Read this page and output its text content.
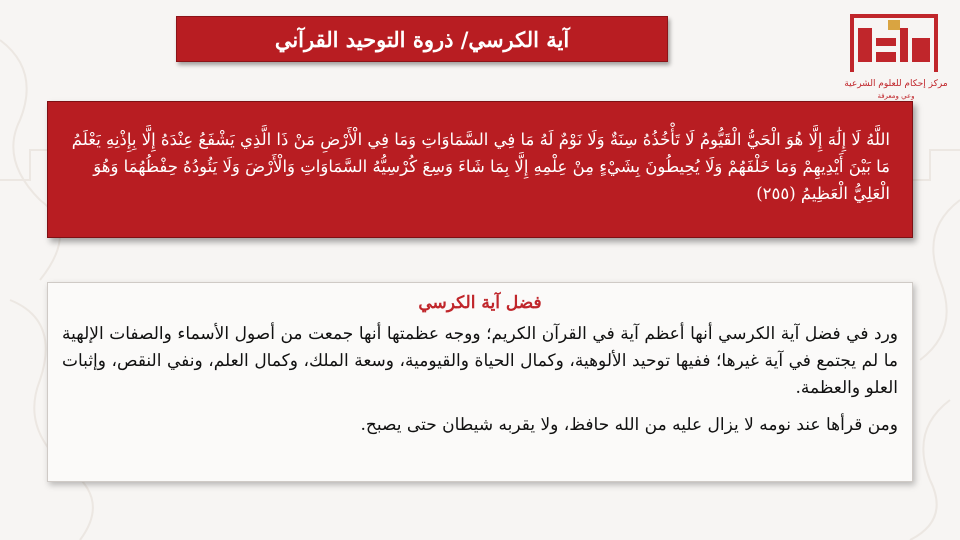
آية الكرسي/ ذروة التوحيد القرآني
مركز إحكام للعلوم الشرعية
وعي ومعرفة
اللَّهُ لَا إِلَٰهَ إِلَّا هُوَ الْحَيُّ الْقَيُّومُ لَا تَأْخُذُهُ سِنَةٌ وَلَا نَوْمٌ لَهُ مَا فِي السَّمَاوَاتِ وَمَا فِي الْأَرْضِ مَنْ ذَا الَّذِي يَشْفَعُ عِنْدَهُ إِلَّا بِإِذْنِهِ يَعْلَمُ مَا بَيْنَ أَيْدِيهِمْ وَمَا خَلْفَهُمْ وَلَا يُحِيطُونَ بِشَيْءٍ مِنْ عِلْمِهِ إِلَّا بِمَا شَاءَ وَسِعَ كُرْسِيُّهُ السَّمَاوَاتِ وَالْأَرْضَ وَلَا يَئُودُهُ حِفْظُهُمَا وَهُوَ الْعَلِيُّ الْعَظِيمُ (٢٥٥)
فضل آية الكرسي

ورد في فضل آية الكرسي أنها أعظم آية في القرآن الكريم؛ ووجه عظمتها أنها جمعت من أصول الأسماء والصفات الإلهية ما لم يجتمع في آية غيرها؛ ففيها توحيد الألوهية، وكمال الحياة والقيومية، وسعة الملك، وكمال العلم، ونفي النقص، وإثبات العلو والعظمة.

ومن قرأها عند نومه لا يزال عليه من الله حافظ، ولا يقربه شيطان حتى يصبح.
